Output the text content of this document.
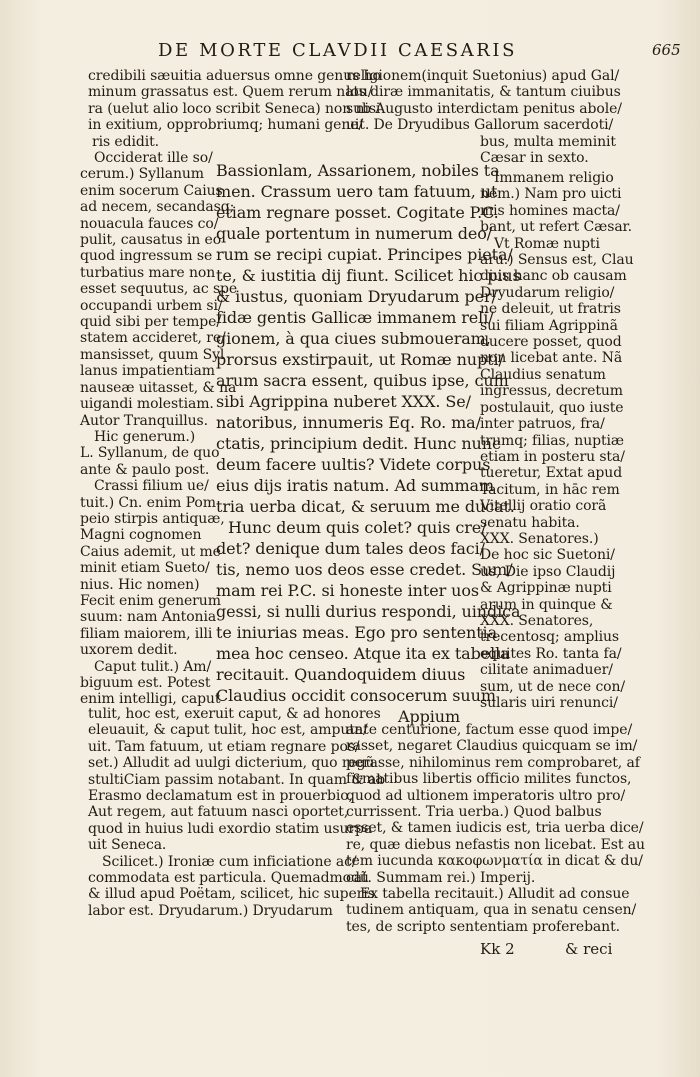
DE MORTE CLAVDII CAESARIS	665
credibili sæuitia aduersus omne genus ho
minum grassatus est. Quem rerum natu/
ra (uelut alio loco scribit Seneca) non nisi
in exitium, opprobriumq; humani gene/
ris edidit.
religionem(inquit Suetonius) apud Gal/
los diræ immanitatis, & tantum ciuibus
sub Augusto interdictam penitus abole/
uit. De Dryudibus Gallorum sacerdoti/
bus, multa meminit
Cæsar in sexto.
Occiderat ille so/
cerum.) Syllanum
enim socerum Caius
ad necem, secandasq;
nouacula fauces co/
pulit, causatus in eo
quod ingressum se
turbatius mare non
esset sequutus, ac spe
occupandi urbem si/
quid sibi per tempe/
statem accideret, re/
mansisset, quum Syl
lanus impatientiam
nauseæ uitasset, & na
uigandi molestiam.
Autor Tranquillus.
Hic generum.)
L. Syllanum, de quo
ante & paulo post.
Crassi filium ue/
tuit.) Cn. enim Pom
peio stirpis antiquæ,
Magni cognomen
Caius ademit, ut me
minit etiam Sueto/
nius. Hic nomen)
Fecit enim generum
suum: nam Antonia
filiam maiorem, illi
uxorem dedit.
Caput tulit.) Am/
biguum est. Potest
enim intelligi, caput
Bassionlam, Assarionem, nobiles ta
men. Crassum uero tam fatuum, ut
etiam regnare posset. Cogitate P.C.
quale portentum in numerum deo/
rum se recipi cupiat. Principes pieta/
te, & iustitia dij fiunt. Scilicet hic pius
& iustus, quoniam Dryudarum per/
fidæ gentis Gallicæ immanem reli/
gionem, à qua ciues submoueram,
prorsus exstirpauit, ut Romæ nupti/
arum sacra essent, quibus ipse, cum
sibi Agrippina nuberet XXX. Se/
natoribus, innumeris Eq. Ro. ma/
ctatis, principium dedit. Hunc nunc
deum facere uultis? Videte corpus
eius dijs iratis natum. Ad summam
tria uerba dicat, & seruum me ducat.
Hunc deum quis colet? quis cre/
det? denique dum tales deos faci/
tis, nemo uos deos esse credet. Sum/
mam rei P.C. si honeste inter uos
gessi, si nulli durius respondi, uindica
te iniurias meas. Ego pro sententia
mea hoc censeo. Atque ita ex tabella
recitauit. Quandoquidem diuus
Claudius occidit consocerum suum
Appium
Immanem religio
nem.) Nam pro uicti
mis homines macta/
bant, ut refert Cæsar.
Vt Romæ nupti
aru.) Sensus est, Clau
dius hanc ob causam
Dryudarum religio/
ne deleuit, ut fratris
sui filiam Agrippinã
ducere posset, quod
non licebat ante. Nã
Claudius senatum
ingressus, decretum
postulauit, quo iuste
inter patruos, fra/
trumq; filias, nuptiæ
etiam in posteru sta/
tueretur, Extat apud
Tacitum, in hāc rem
Vitellij oratio corã
senatu habita.
XXX. Senatores.)
De hoc sic Suetoni/
us, Die ipso Claudij
& Agrippinæ nupti
arum in quinque &
XXX. Senatores,
trecentosq; amplius
equites Ro. tanta fa/
cilitate animaduer/
sum, ut de nece con/
sularis uiri renunci/
tulit, hoc est, exeruit caput, & ad honores
eleuauit, & caput tulit, hoc est, amputa/
uit. Tam fatuum, ut etiam regnare pos/
set.) Alludit ad uulgi dicterium, quo regũ
stultiCiam passim notabant. In quam & ab
Erasmo declamatum est in prouerbio,
Aut regem, aut fatuum nasci oportet,
quod in huius ludi exordio statim usurpa
uit Seneca.
Scilicet.) Ironiæ cum inficiatione ac/
commodata est particula. Quemadmodũ
& illud apud Poëtam, scilicet, hic superis
labor est. Dryudarum.) Dryudarum
ante centurione, factum esse quod impe/
rasset, negaret Claudius quicquam se im/
perasse, nihilominus rem comprobaret, af
firmatibus libertis officio milites functos,
quod ad ultionem imperatoris ultro pro/
currissent. Tria uerba.) Quod balbus
esset, & tamen iudicis est, tria uerba dice/
re, quæ diebus nefastis non licebat. Est au
tem iucunda κακοφωνματία in dicat & du/
cat. Summam rei.) Imperij.
Ex tabella recitauit.) Alludit ad consue
tudinem antiquam, qua in senatu censen/
tes, de scripto sententiam proferebant.
Kk 2	& reci
